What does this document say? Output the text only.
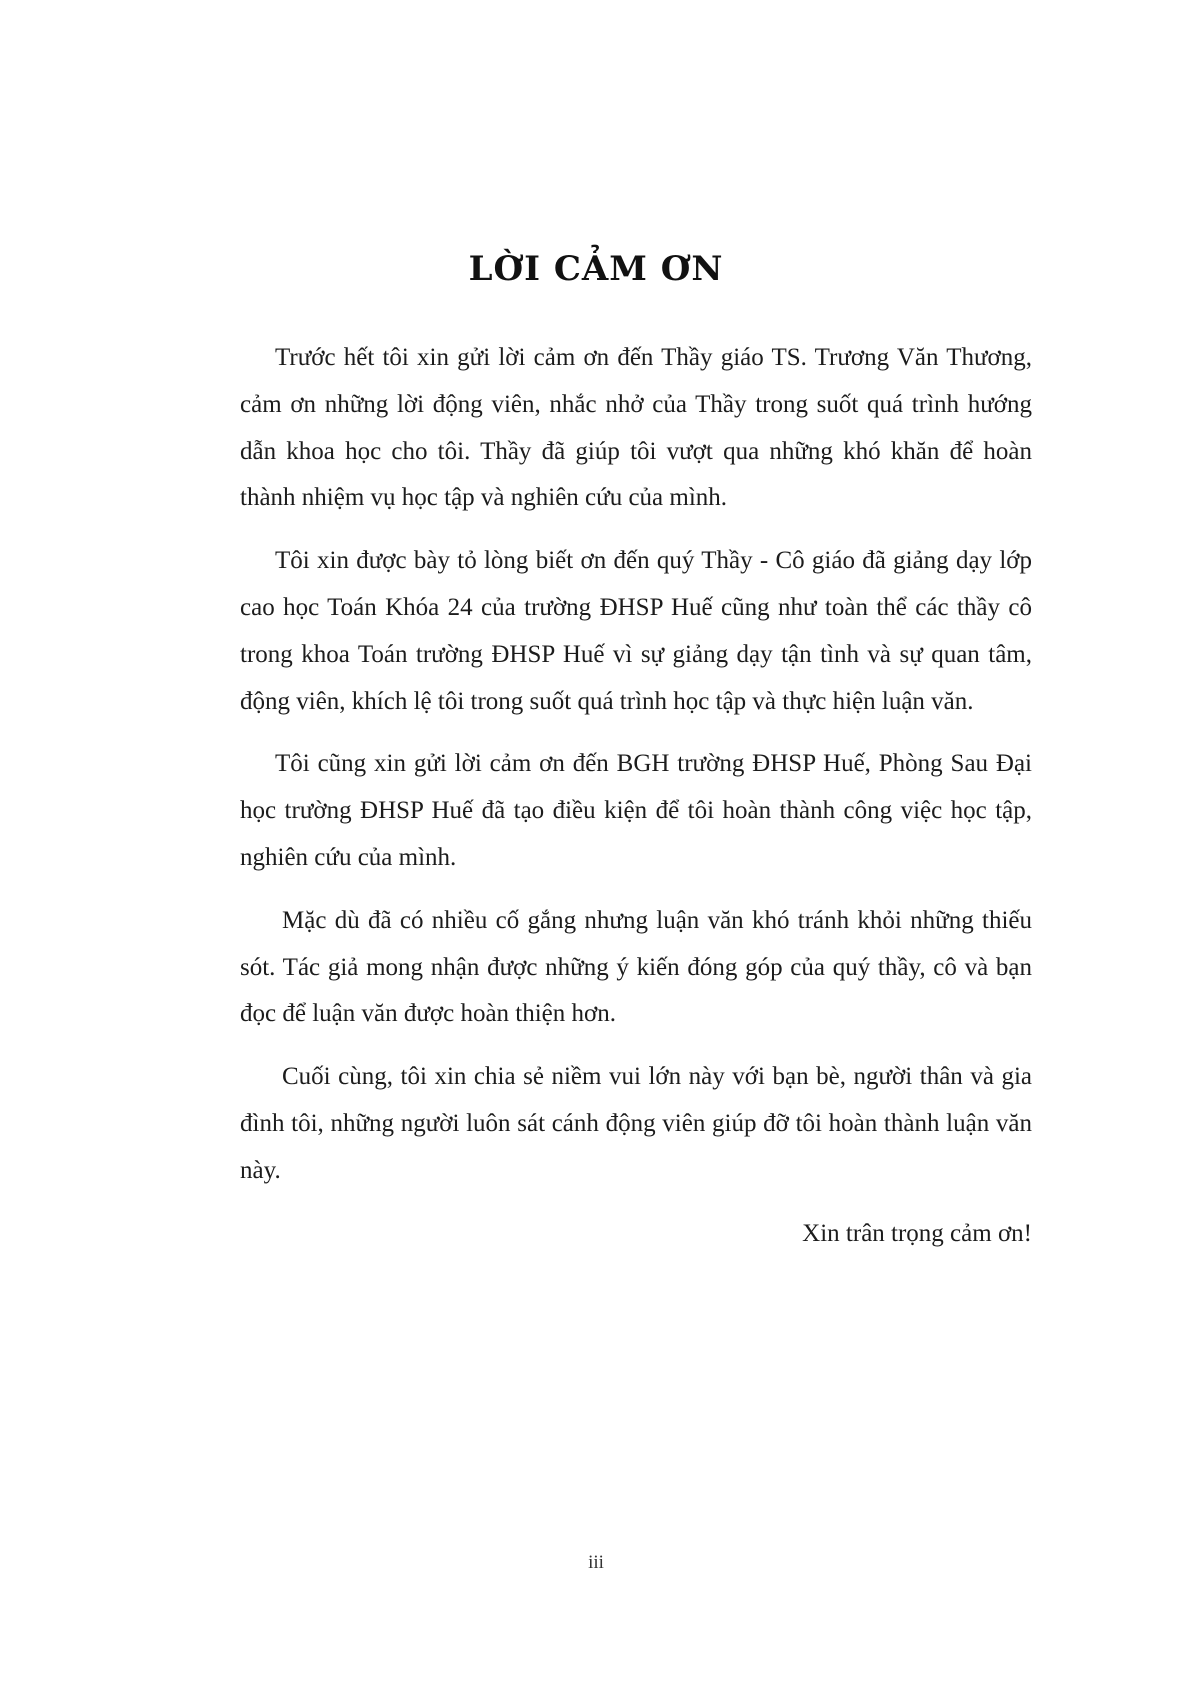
LỜI CẢM ƠN

Trước hết tôi xin gửi lời cảm ơn đến Thầy giáo TS. Trương Văn Thương, cảm ơn những lời động viên, nhắc nhở của Thầy trong suốt quá trình hướng dẫn khoa học cho tôi. Thầy đã giúp tôi vượt qua những khó khăn để hoàn thành nhiệm vụ học tập và nghiên cứu của mình.

Tôi xin được bày tỏ lòng biết ơn đến quý Thầy - Cô giáo đã giảng dạy lớp cao học Toán Khóa 24 của trường ĐHSP Huế cũng như toàn thể các thầy cô trong khoa Toán trường ĐHSP Huế vì sự giảng dạy tận tình và sự quan tâm, động viên, khích lệ tôi trong suốt quá trình học tập và thực hiện luận văn.

Tôi cũng xin gửi lời cảm ơn đến BGH trường ĐHSP Huế, Phòng Sau Đại học trường ĐHSP Huế đã tạo điều kiện để tôi hoàn thành công việc học tập, nghiên cứu của mình.

Mặc dù đã có nhiều cố gắng nhưng luận văn khó tránh khỏi những thiếu sót. Tác giả mong nhận được những ý kiến đóng góp của quý thầy, cô và bạn đọc để luận văn được hoàn thiện hơn.

Cuối cùng, tôi xin chia sẻ niềm vui lớn này với bạn bè, người thân và gia đình tôi, những người luôn sát cánh động viên giúp đỡ tôi hoàn thành luận văn này.

Xin trân trọng cảm ơn!

iii
